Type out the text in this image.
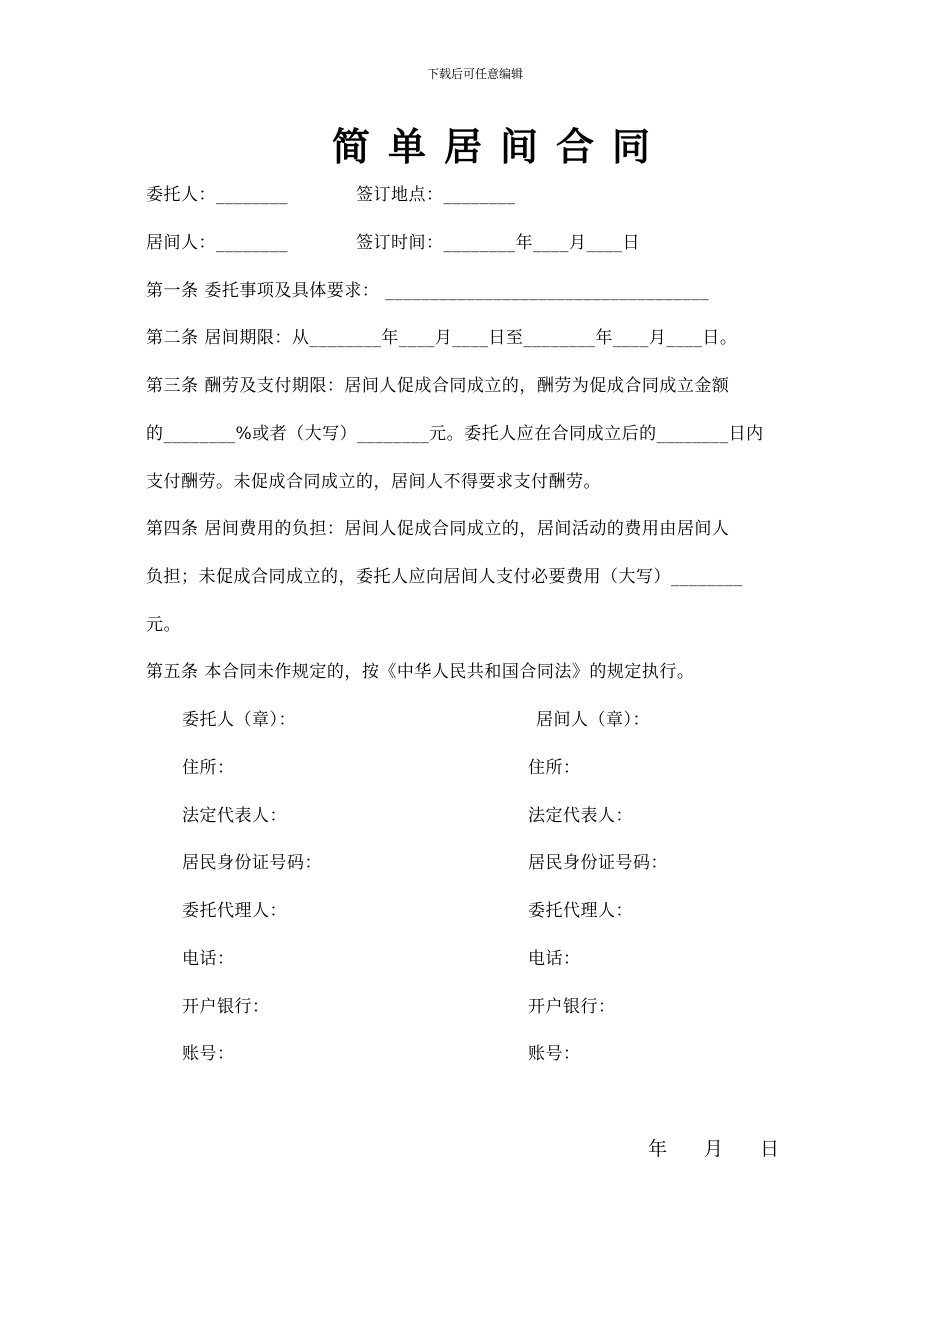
下载后可任意编辑
简单居间合同
委托人：________	签订地点：________
居间人：________	签订时间：________年____月____日
第一条 委托事项及具体要求： ____________________________________
第二条 居间期限：从________年____月____日至________年____月____日。
第三条 酬劳及支付期限：居间人促成合同成立的，酬劳为促成合同成立金额
的________%或者（大写）________元。委托人应在合同成立后的________日内
支付酬劳。未促成合同成立的，居间人不得要求支付酬劳。
第四条 居间费用的负担：居间人促成合同成立的，居间活动的费用由居间人
负担；未促成合同成立的，委托人应向居间人支付必要费用（大写）________
元。
第五条 本合同未作规定的，按《中华人民共和国合同法》的规定执行。
委托人（章）：
住所：
法定代表人：
居民身份证号码：
委托代理人：
电话：
开户银行：
账号：
居间人（章）：
住所：
法定代表人：
居民身份证号码：
委托代理人：
电话：
开户银行：
账号：
年 月 日
